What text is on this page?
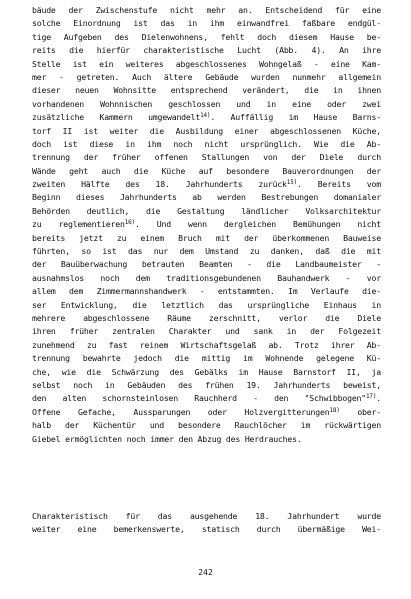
bäude der Zwischenstufe nicht mehr an. Entscheidend für eine
solche Einordnung ist das in ihm einwandfrei faßbare endgül-
tige Aufgeben des Dielenwohnens, fehlt doch diesem Hause be-
reits die hierfür charakteristische Lucht (Abb. 4). An ihre
Stelle ist ein weiteres abgeschlossenes Wohngelaß - eine Kam-
mer - getreten. Auch ältere Gebäude wurden nunmehr allgemein
dieser neuen Wohnsitte entsprechend verändert, die in ihnen
vorhandenen Wohnnischen geschlossen und in eine oder zwei
zusätzliche Kammern umgewandelt$^{14)}$. Auffällig im Hause Barns-
torf II ist weiter die Ausbildung einer abgeschlossenen Küche,
doch ist diese in ihm noch nicht ursprünglich. Wie die Ab-
trennung der früher offenen Stallungen von der Diele durch
Wände geht auch die Küche auf besondere Bauverordnungen der
zweiten Hälfte des 18. Jahrhunderts zurück$^{15)}$. Bereits vom
Beginn dieses Jahrhunderts ab werden Bestrebungen domanialer
Behörden deutlich, die Gestaltung ländlicher Volksarchitektur
zu reglementieren$^{16)}$. Und wenn dergleichen Bemühungen nicht
bereits jetzt zu einem Bruch mit der überkommenen Bauweise
führten, so ist das nur dem Umstand zu danken, daß die mit
der Bauüberwachung betrauten Beamten - die Landbaumeister -
ausnahmslos noch dem traditionsgebundenen Bauhandwerk - vor
allem dem Zimmermannshandwerk - entstammten. Im Verlaufe die-
ser Entwicklung, die letztlich das ursprüngliche Einhaus in
mehrere abgeschlossene Räume zerschnitt, verlor die Diele
ihren früher zentralen Charakter und sank in der Folgezeit
zunehmend zu fast reinem Wirtschaftsgelaß ab. Trotz ihrer Ab-
trennung bewahrte jedoch die mittig im Wohnende gelegene Kü-
che, wie die Schwärzung des Gebälks im Hause Barnstorf II, ja
selbst noch in Gebäuden des frühen 19. Jahrhunderts beweist,
den alten schornsteinlosen Rauchherd - den "Schwibbogen"$^{17)}$.
Offene Gefache, Aussparungen oder Holzvergitterungen$^{18)}$ ober-
halb der Küchentür und besondere Rauchlöcher im rückwärtigen
Giebel ermöglichten noch immer den Abzug des Herdrauches.
Charakteristisch für das ausgehende 18. Jahrhundert wurde
weiter eine bemerkenswerte, statisch durch übermäßige Wei-
242
